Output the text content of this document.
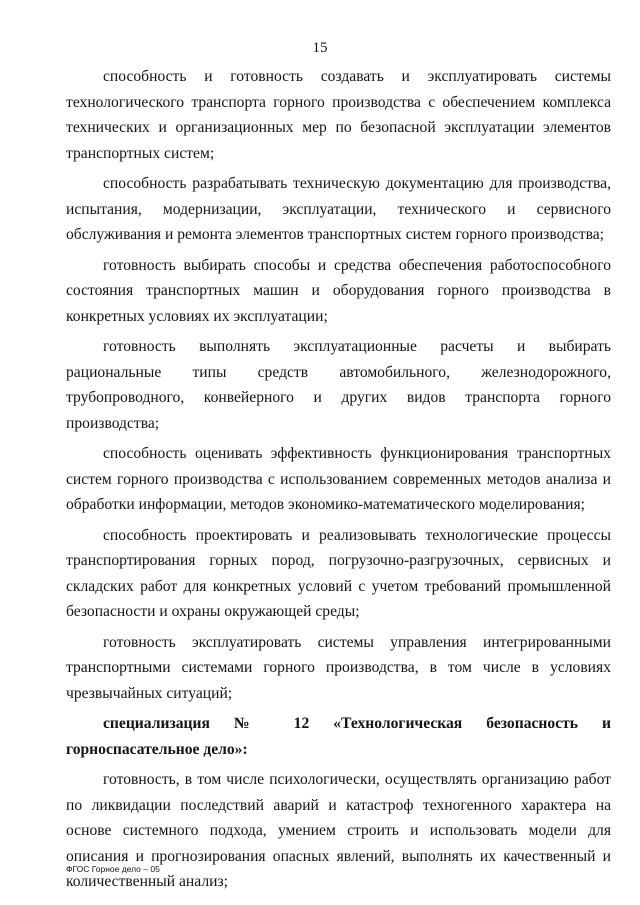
15

способность и готовность создавать и эксплуатировать системы технологического транспорта горного производства с обеспечением комплекса технических и организационных мер по безопасной эксплуатации элементов транспортных систем;

способность разрабатывать техническую документацию для производства, испытания, модернизации, эксплуатации, технического и сервисного обслуживания и ремонта элементов транспортных систем горного производства;

готовность выбирать способы и средства обеспечения работоспособного состояния транспортных машин и оборудования горного производства в конкретных условиях их эксплуатации;

готовность выполнять эксплуатационные расчеты и выбирать рациональные типы средств автомобильного, железнодорожного, трубопроводного, конвейерного и других видов транспорта горного производства;

способность оценивать эффективность функционирования транспортных систем горного производства с использованием современных методов анализа и обработки информации, методов экономико-математического моделирования;

способность проектировать и реализовывать технологические процессы транспортирования горных пород, погрузочно-разгрузочных, сервисных и складских работ для конкретных условий с учетом требований промышленной безопасности и охраны окружающей среды;

готовность эксплуатировать системы управления интегрированными транспортными системами горного производства, в том числе в условиях чрезвычайных ситуаций;

специализация № 12 «Технологическая безопасность и горноспасательное дело»:

готовность, в том числе психологически, осуществлять организацию работ по ликвидации последствий аварий и катастроф техногенного характера на основе системного подхода, умением строить и использовать модели для описания и прогнозирования опасных явлений, выполнять их качественный и количественный анализ;

ФГОС Горное дело – 05
